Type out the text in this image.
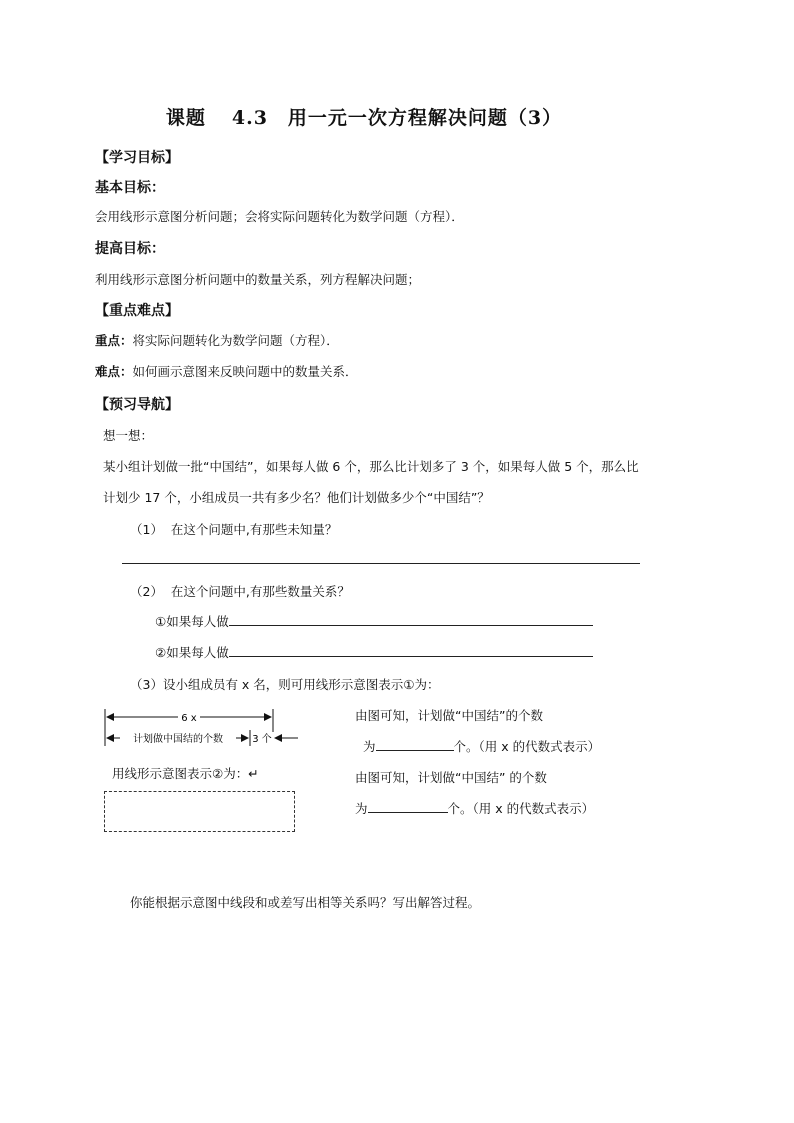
课题 4.3 用一元一次方程解决问题（3）
【学习目标】
基本目标：
会用线形示意图分析问题；会将实际问题转化为数学问题（方程）．
提高目标：
利用线形示意图分析问题中的数量关系，列方程解决问题；
【重点难点】
重点：将实际问题转化为数学问题（方程）．
难点：如何画示意图来反映问题中的数量关系．
【预习导航】
想一想：
某小组计划做一批“中国结”，如果每人做 6 个，那么比计划多了 3 个，如果每人做 5 个，那么比
计划少 17 个，小组成员一共有多少名？他们计划做多少个“中国结”？
（1） 在这个问题中,有那些未知量？
（2） 在这个问题中,有那些数量关系？
①如果每人做
②如果每人做
（3）设小组成员有 x 名，则可用线形示意图表示①为：
6 x
计划做中国结的个数	3 个
用线形示意图表示②为：↵
由图可知，计划做“中国结”的个数
为	个。（用 x 的代数式表示）
由图可知，计划做“中国结” 的个数
为	个。（用 x 的代数式表示）
你能根据示意图中线段和或差写出相等关系吗？写出解答过程。
